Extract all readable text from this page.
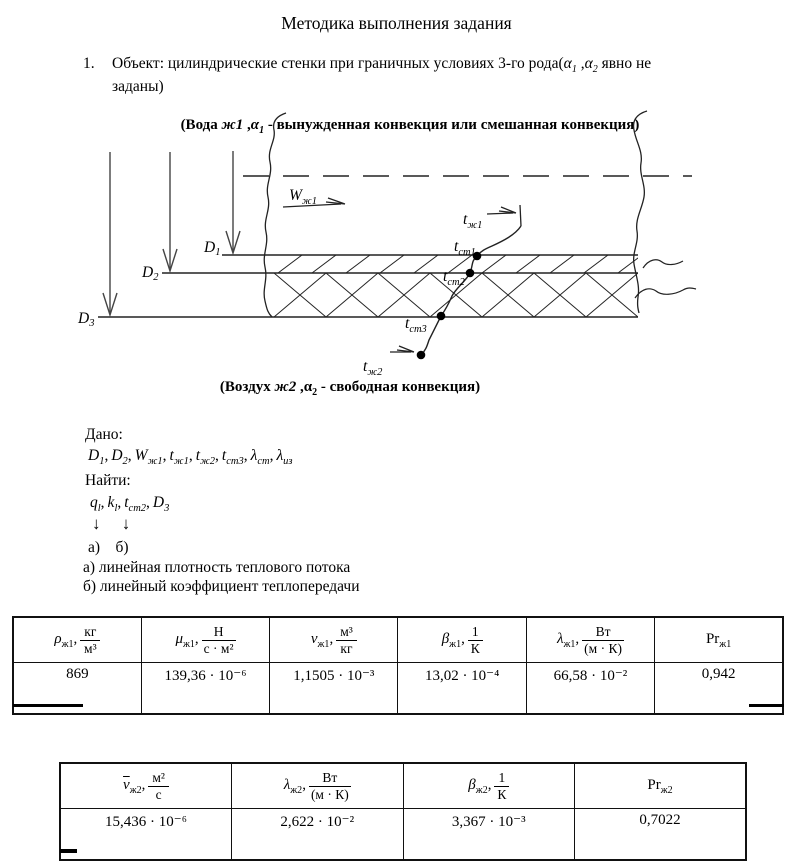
Методика выполнения задания
1. Объект: цилиндрические стенки при граничных условиях 3-го $рода(\alpha_1$ $,\alpha_2$ явно не
заданы)
(Вода ж1 $,\alpha_1$ - вынужденная конвекция или смешанная конвекция)
(Воздух ж2 $,\alpha_2$ - свободная конвекция)
D1
D2
D3
$W_{ж1}$
$t_{ж1}$
$t_{ст1}$
$t_{ст2}$
$t_{ст3}$
$t_{ж2}$
Дано:
$D_1$, $D_2$, $W_{ж1}$, $t_{ж1}$, $t_{ж2}$, $t_{ст3}$, $\lambda_{ст}$, $\lambda_{из}$
Найти:
$q_l$, $k_l$, $t_{ст2}$, $D_3$
↓     ↓
а)    б)
а) линейная плотность теплового потока
б) линейный коэффициент теплопередачи
$\rho_{ж1}$, $\frac{кг}{\text{м³}}$	$\mu_{ж1}$, $\frac{Н}{\text{с · м²}}$	$\nu_{ж1}$, $\frac{\text{м³}}{кг}$	$\beta_{ж1}$, $\frac{1}{К}$	$\lambda_{ж1}$, $\frac{Вт}{(м \cdot К)}$	$Pr_{ж1}$
869	139,36 · 10⁻⁶	1,1505 · 10⁻³	13,02 · 10⁻⁴	66,58 · 10⁻²	0,942
$\overline{\nu}_{ж2}$, $\frac{\text{м²}}{с}$	$\lambda_{ж2}$, $\frac{Вт}{(м \cdot К)}$	$\beta_{ж2}$, $\frac{1}{К}$	$Pr_{ж2}$
15,436 · 10⁻⁶	2,622 · 10⁻²	3,367 · 10⁻³	0,7022
